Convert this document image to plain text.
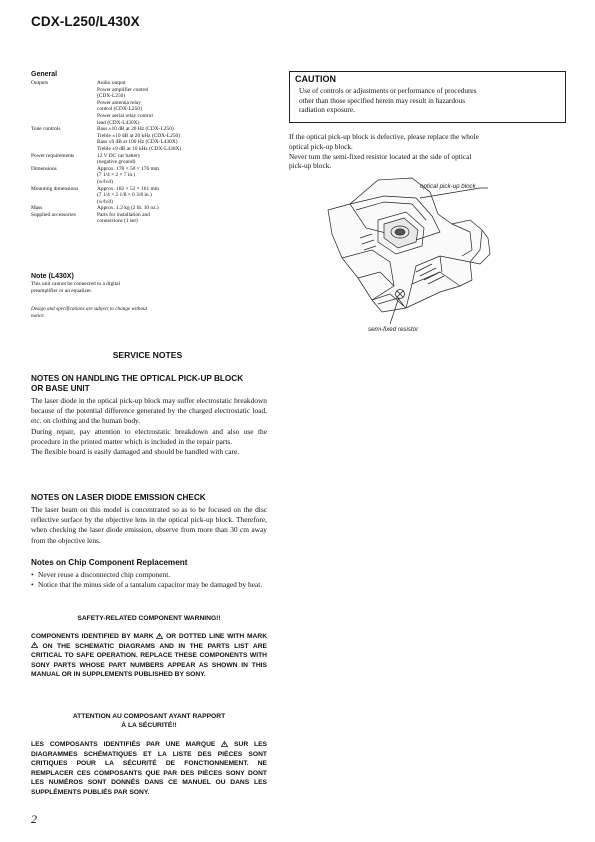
CDX-L250/L430X
General
Outputs	Audio output
Power amplifier control
(CDX-L250)
Power antenna relay
control (CDX-L250)
Power aerial relay control
lead (CDX-L430X)
Tone controls	Bass ±10 dB at 20 Hz (CDX-L250)
Treble ±10 dB at 20 kHz (CDX-L250)
Bass ±9 dB at 100 Hz (CDX-L430X)
Treble ±9 dB at 10 kHz (CDX-L430X)
Power requirements	12 V DC car battery
(negative ground)
Dimensions	Approx. 178 × 50 × 176 mm
(7 1/4 × 2 × 7 in.)
(w/h/d)
Mounting dimensions	Approx. 182 × 53 × 161 mm
(7 1/4 × 2 1/8 × 6 3/8 in.)
(w/h/d)
Mass	Approx. 1.2 kg (2 lb. 10 oz.)
Supplied accessories	Parts for installation and
connections (1 set)
Note (L430X)
This unit cannot be connected to a digital
preamplifier or an equalizer.
Design and specifications are subject to change without
notice.
CAUTION
Use of controls or adjustments or performance of procedures
other than those specified herein may result in hazardous
radiation exposure.
If the optical pick-up block is defective, please replace the whole
optical pick-up block.
Never turn the semi-fixed resistor located at the side of optical
pick-up block.
optical pick-up block
semi-fixed resistor
SERVICE NOTES
NOTES ON HANDLING THE OPTICAL PICK-UP BLOCK
OR BASE UNIT
The laser diode in the optical pick-up block may suffer electrostatic breakdown because of the potential difference generated by the charged electrostatic load, etc. on clothing and the human body.
During repair, pay attention to electrostatic breakdown and also use the procedure in the printed matter which is included in the repair parts.
The flexible board is easily damaged and should be handled with care.
NOTES ON LASER DIODE EMISSION CHECK
The laser beam on this model is concentrated so as to be focused on the disc reflective surface by the objective lens in the optical pick-up block. Therefore, when checking the laser diode emission, observe from more than 30 cm away from the objective lens.
Notes on Chip Component Replacement
• Never reuse a disconnected chip component.
• Notice that the minus side of a tantalum capacitor may be damaged by heat.
SAFETY-RELATED COMPONENT WARNING!!
COMPONENTS IDENTIFIED BY MARK OR DOTTED LINE WITH MARK  ON THE SCHEMATIC DIAGRAMS AND IN THE PARTS LIST ARE CRITICAL TO SAFE OPERATION. REPLACE THESE COMPONENTS WITH SONY PARTS WHOSE PART NUMBERS APPEAR AS SHOWN IN THIS MANUAL OR IN SUPPLEMENTS PUBLISHED BY SONY.
ATTENTION AU COMPOSANT AYANT RAPPORT
À LA SÉCURITÉ!!
LES COMPOSANTS IDENTIFIÉS PAR UNE MARQUE	SUR LES DIAGRAMMES SCHÉMATIQUES ET LA LISTE DES PIÈCES SONT CRITIQUES POUR LA SÉCURITÉ DE FONCTIONNEMENT. NE REMPLACER CES COMPOSANTS QUE PAR DES PIÈCES SONY DONT LES NUMÉROS SONT DONNÉS DANS CE MANUEL OU DANS LES SUPPLÉMENTS PUBLIÉS PAR SONY.
2
